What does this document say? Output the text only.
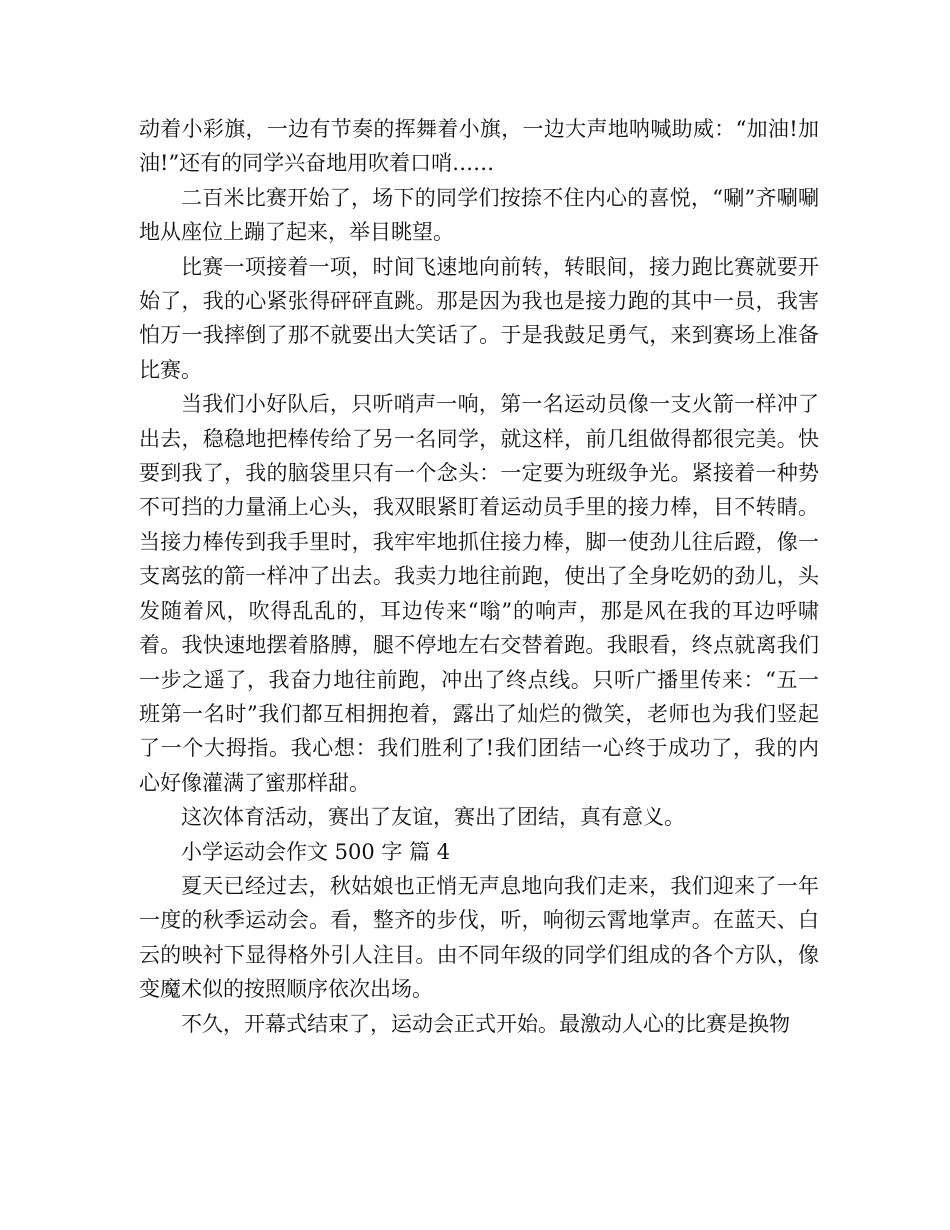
动着小彩旗，一边有节奏的挥舞着小旗，一边大声地呐喊助威：“加油!加油!”还有的同学兴奋地用吹着口哨……

二百米比赛开始了，场下的同学们按捺不住内心的喜悦，“唰”齐唰唰地从座位上蹦了起来，举目眺望。

比赛一项接着一项，时间飞速地向前转，转眼间，接力跑比赛就要开始了，我的心紧张得砰砰直跳。那是因为我也是接力跑的其中一员，我害怕万一我摔倒了那不就要出大笑话了。于是我鼓足勇气，来到赛场上准备比赛。

当我们小好队后，只听哨声一响，第一名运动员像一支火箭一样冲了出去，稳稳地把棒传给了另一名同学，就这样，前几组做得都很完美。快要到我了，我的脑袋里只有一个念头：一定要为班级争光。紧接着一种势不可挡的力量涌上心头，我双眼紧盯着运动员手里的接力棒，目不转睛。当接力棒传到我手里时，我牢牢地抓住接力棒，脚一使劲儿往后蹬，像一支离弦的箭一样冲了出去。我卖力地往前跑，使出了全身吃奶的劲儿，头发随着风，吹得乱乱的，耳边传来“嗡”的响声，那是风在我的耳边呼啸着。我快速地摆着胳膊，腿不停地左右交替着跑。我眼看，终点就离我们一步之遥了，我奋力地往前跑，冲出了终点线。只听广播里传来：“五一班第一名时”我们都互相拥抱着，露出了灿烂的微笑，老师也为我们竖起了一个大拇指。我心想：我们胜利了!我们团结一心终于成功了，我的内心好像灌满了蜜那样甜。

这次体育活动，赛出了友谊，赛出了团结，真有意义。

小学运动会作文 500 字 篇 4

夏天已经过去，秋姑娘也正悄无声息地向我们走来，我们迎来了一年一度的秋季运动会。看，整齐的步伐，听，响彻云霄地掌声。在蓝天、白云的映衬下显得格外引人注目。由不同年级的同学们组成的各个方队，像变魔术似的按照顺序依次出场。

不久，开幕式结束了，运动会正式开始。最激动人心的比赛是换物
